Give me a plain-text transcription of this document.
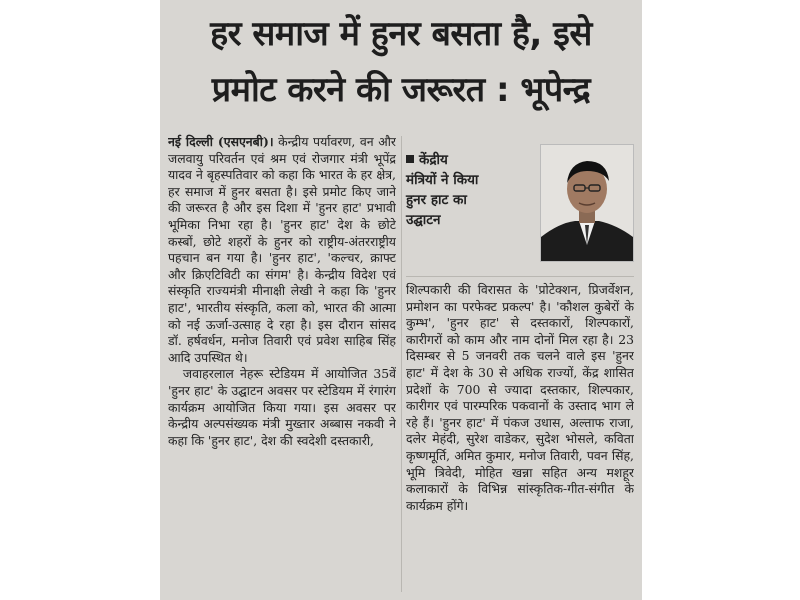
हर समाज में हुनर बसता है, इसे
प्रमोट करने की जरूरत : भूपेन्द्र

नई दिल्ली (एसएनबी)। केन्द्रीय पर्यावरण, वन और जलवायु परिवर्तन एवं श्रम एवं रोजगार मंत्री भूपेंद्र यादव ने बृहस्पतिवार को कहा कि भारत के हर क्षेत्र, हर समाज में हुनर बसता है। इसे प्रमोट किए जाने की जरूरत है और इस दिशा में 'हुनर हाट' प्रभावी भूमिका निभा रहा है। 'हुनर हाट' देश के छोटे कस्बों, छोटे शहरों के हुनर को राष्ट्रीय-अंतरराष्ट्रीय पहचान बन गया है। 'हुनर हाट', 'कल्चर, क्राफ्ट और क्रिएटिविटी का संगम' है। केन्द्रीय विदेश एवं संस्कृति राज्यमंत्री मीनाक्षी लेखी ने कहा कि 'हुनर हाट', भारतीय संस्कृति, कला को, भारत की आत्मा को नई ऊर्जा-उत्साह दे रहा है। इस दौरान सांसद डॉ. हर्षवर्धन, मनोज तिवारी एवं प्रवेश साहिब सिंह आदि उपस्थित थे।

जवाहरलाल नेहरू स्टेडियम में आयोजित 35वें 'हुनर हाट' के उद्घाटन अवसर पर स्टेडियम में रंगारंग कार्यक्रम आयोजित किया गया। इस अवसर पर केन्द्रीय अल्पसंख्यक मंत्री मुख्तार अब्बास नकवी ने कहा कि 'हुनर हाट', देश की स्वदेशी दस्तकारी,

केंद्रीय
मंत्रियों ने किया
हुनर हाट का
उद्घाटन

शिल्पकारी की विरासत के 'प्रोटेक्शन, प्रिजर्वेशन, प्रमोशन का परफेक्ट प्रकल्प' है। 'कौशल कुबेरों के कुम्भ', 'हुनर हाट' से दस्तकारों, शिल्पकारों, कारीगरों को काम और नाम दोनों मिल रहा है। 23 दिसम्बर से 5 जनवरी तक चलने वाले इस 'हुनर हाट' में देश के 30 से अधिक राज्यों, केंद्र शासित प्रदेशों के 700 से ज्यादा दस्तकार, शिल्पकार, कारीगर एवं पारम्परिक पकवानों के उस्ताद भाग ले रहे हैं। 'हुनर हाट' में पंकज उधास, अल्ताफ राजा, दलेर मेहंदी, सुरेश वाडेकर, सुदेश भोसले, कविता कृष्णमूर्ति, अमित कुमार, मनोज तिवारी, पवन सिंह, भूमि त्रिवेदी, मोहित खन्ना सहित अन्य मशहूर कलाकारों के विभिन्न सांस्कृतिक-गीत-संगीत के कार्यक्रम होंगे।
